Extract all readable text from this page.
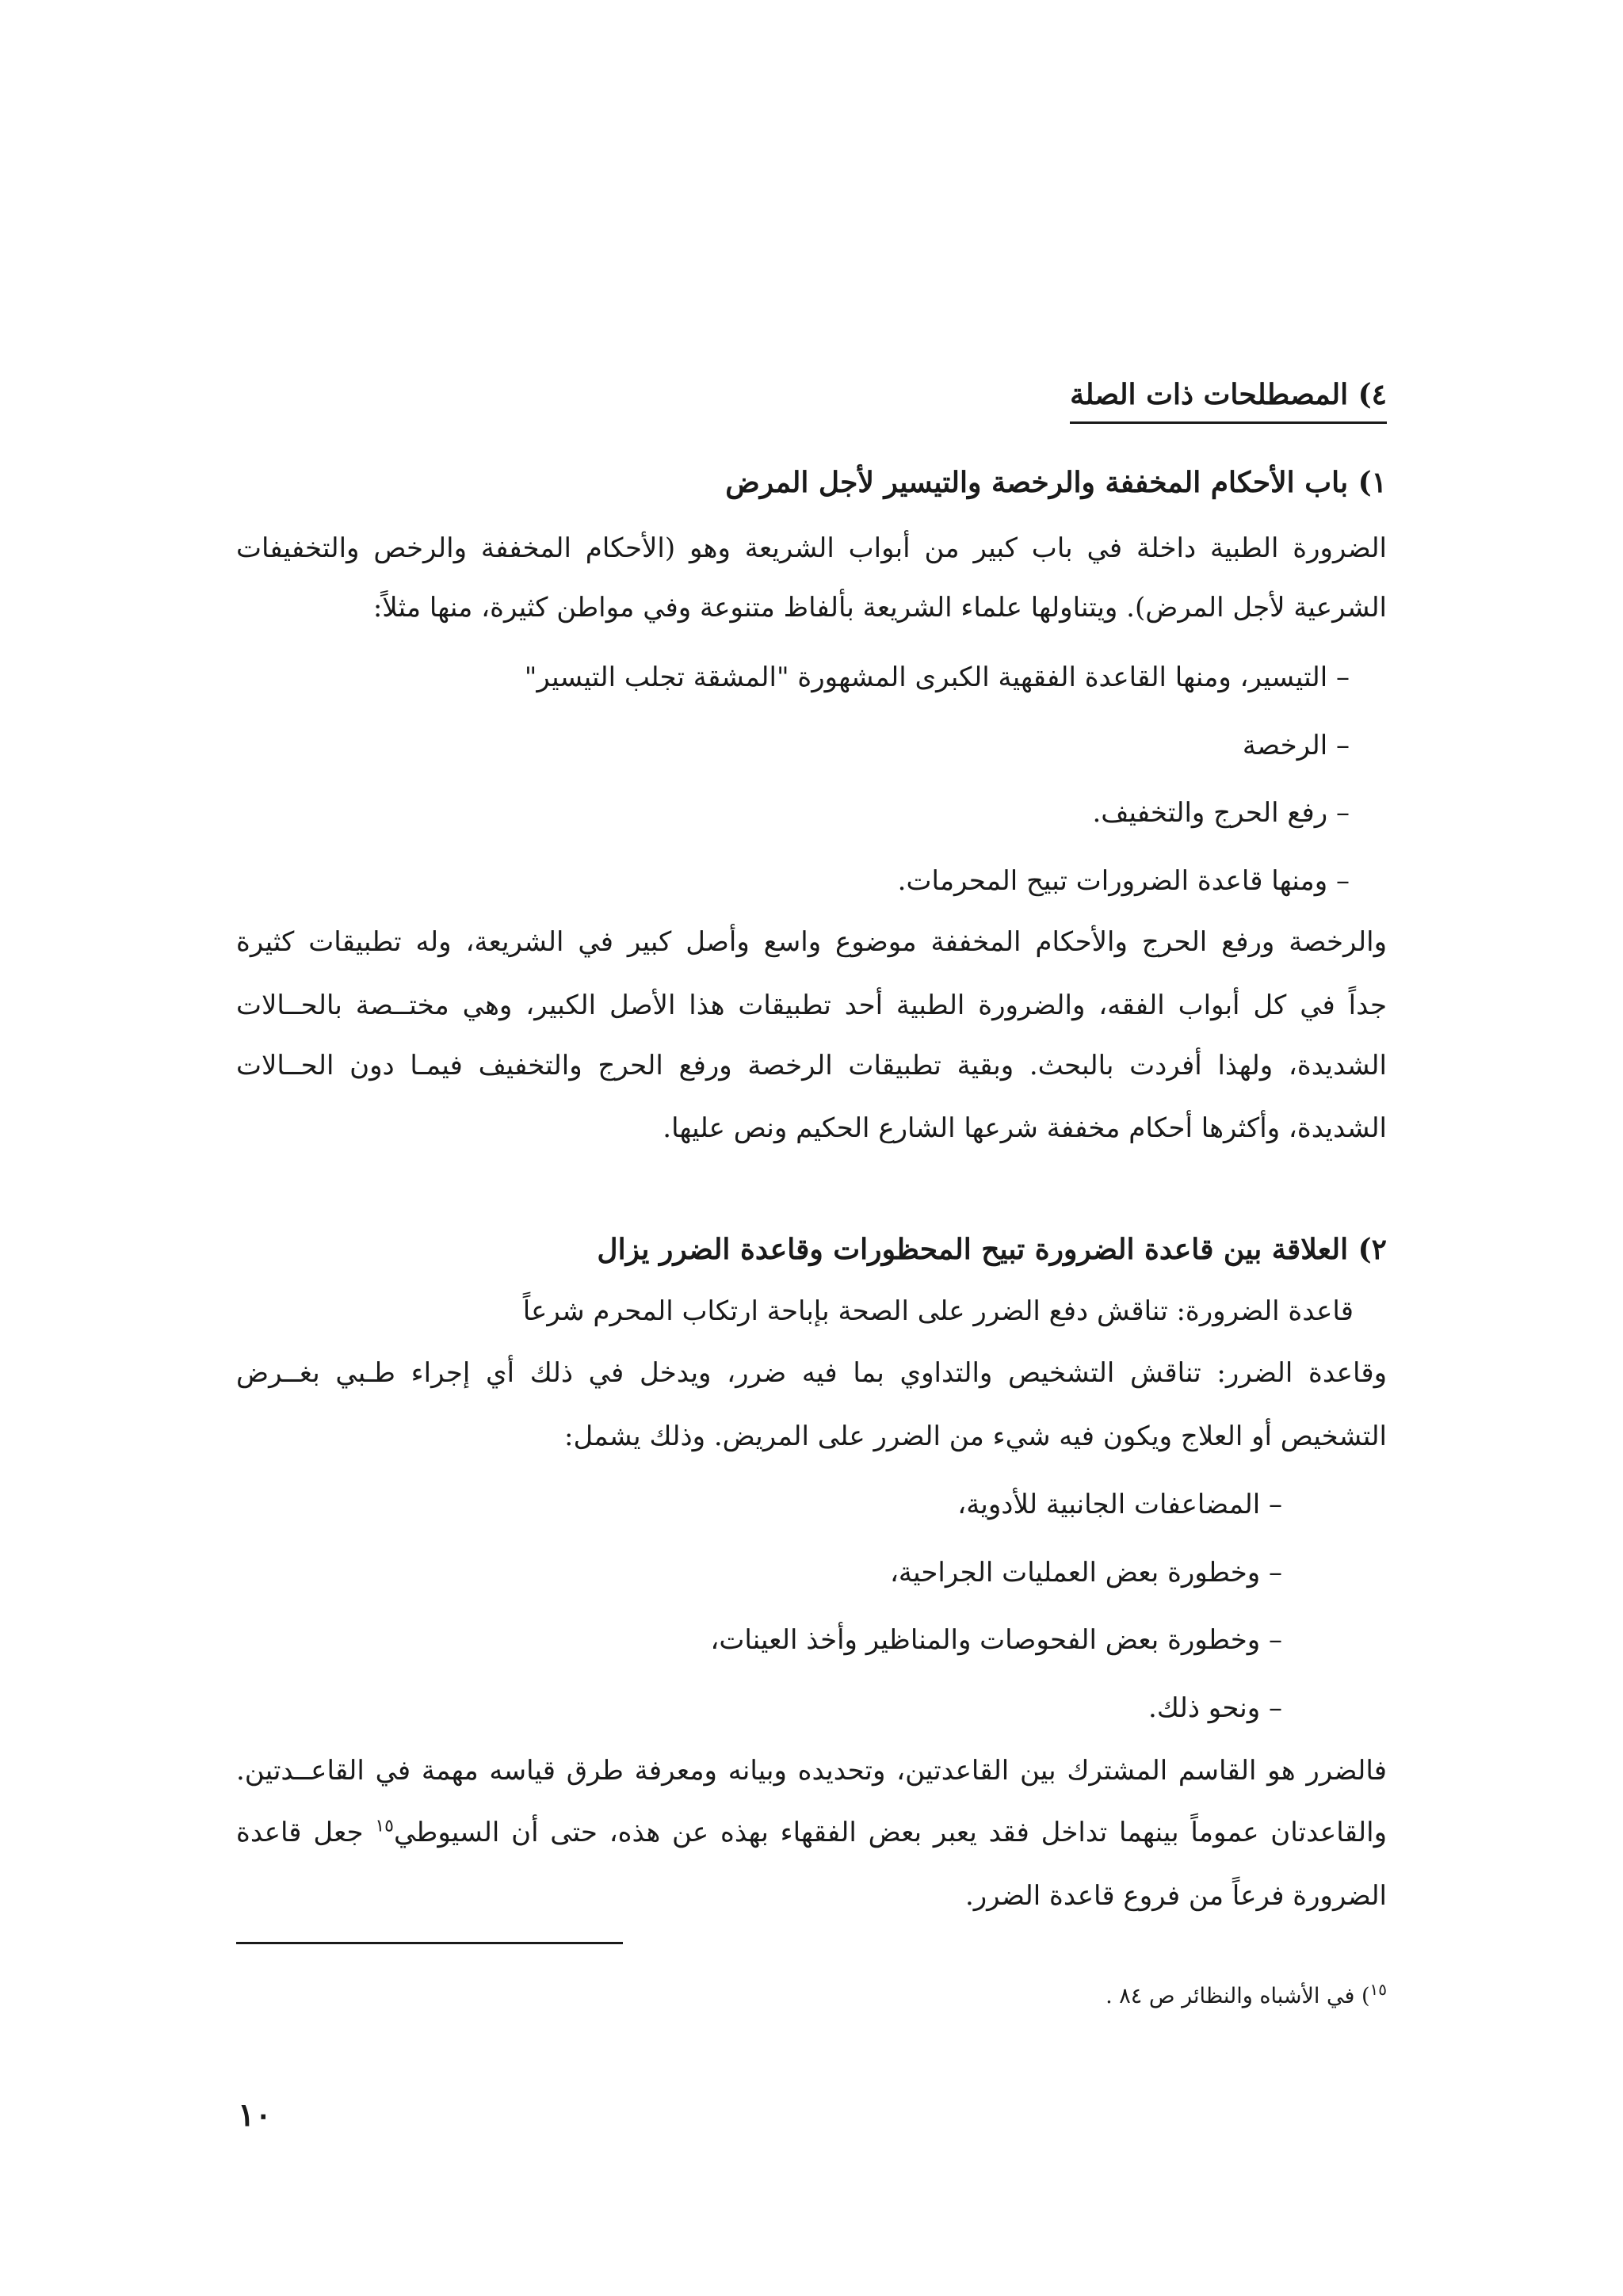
٤) المصطلحات ذات الصلة
١) باب الأحكام المخففة والرخصة والتيسير لأجل المرض
الضرورة الطبية داخلة في باب كبير من أبواب الشريعة وهو (الأحكام المخففة والرخص والتخفيفات
الشرعية لأجل المرض). ويتناولها علماء الشريعة بألفاظ متنوعة وفي مواطن كثيرة، منها مثلاً:
– التيسير، ومنها القاعدة الفقهية الكبرى المشهورة "المشقة تجلب التيسير"
– الرخصة
– رفع الحرج والتخفيف.
– ومنها قاعدة الضرورات تبيح المحرمات.
والرخصة ورفع الحرج والأحكام المخففة موضوع واسع وأصل كبير في الشريعة، وله تطبيقات كثيرة
جداً في كل أبواب الفقه، والضرورة الطبية أحد تطبيقات هذا الأصل الكبير، وهي مختــصة بالحــالات
الشديدة، ولهذا أفردت بالبحث. وبقية تطبيقات الرخصة ورفع الحرج والتخفيف فيمـا دون الحــالات
الشديدة، وأكثرها أحكام مخففة شرعها الشارع الحكيم ونص عليها.
٢) العلاقة بين قاعدة الضرورة تبيح المحظورات وقاعدة الضرر يزال
قاعدة الضرورة: تناقش دفع الضرر على الصحة بإباحة ارتكاب المحرم شرعاً
وقاعدة الضرر: تناقش التشخيص والتداوي بما فيه ضرر، ويدخل في ذلك أي إجراء طـبي بغــرض
التشخيص أو العلاج ويكون فيه شيء من الضرر على المريض. وذلك يشمل:
– المضاعفات الجانبية للأدوية،
– وخطورة بعض العمليات الجراحية،
– وخطورة بعض الفحوصات والمناظير وأخذ العينات،
– ونحو ذلك.
فالضرر هو القاسم المشترك بين القاعدتين، وتحديده وبيانه ومعرفة طرق قياسه مهمة في القاعــدتين.
والقاعدتان عموماً بينهما تداخل فقد يعبر بعض الفقهاء بهذه عن هذه، حتى أن السيوطي$^{١٥}$ جعل قاعدة
الضرورة فرعاً من فروع قاعدة الضرر.
$^{١٥}$) في الأشباه والنظائر ص ٨٤ .
١٠
